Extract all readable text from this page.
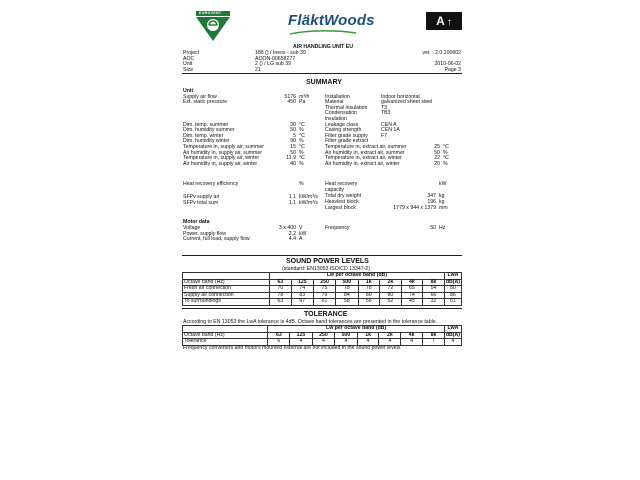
EUROVENT	FläktWoods	A ↑
AIR HANDLING UNIT EU
Project	188 () / Ineos - sub 39	ver. : 2.0.100602
AOC	AOON-00658277
Unit	2 () / LG sub 39	2010-06-02
Size	21	Page 3
SUMMARY
Unit
Supply air flow	5176 m³/h
Ext. static pressure	450 Pa
Dim. temp. summer	30 °C
Dim. humidity summer	50 %
Dim. temp. winter	5 °C
Dim. humidity winter	90 %
Temperature in, supply air, summer	15 °C
Air humidity in, supply air, summer	50 %
Temperature in, supply air, winter	11.9 °C
Air humidity in, supply air, winter	40 %
Installation	Indoor horizontal
Material	galvanized sheet steel
Thermal insulation	T3
Condensation	TB3
insulation
Leakage class	CEN A
Casing strength	CEN 1A
Filter grade supply	F7
Filter grade extract
Temperature in, extract air, summer	25 °C
Air humidity in, extract air, summer	50 %
Temperature in, extract air, winter	22 °C
Air humidity in, extract air, winter	20 %
Heat recovery efficiency	%
SFPv supply air	1.1 kW/m³/s
SFPv total sum	1.1 kW/m³/s
Heat recovery	kW
capacity
Total dry weight	347 kg
Heaviest block	196 kg
Largest block	1779 x 944 x 1379 mm
Motor data
Voltage	3 x 400 V
Power, supply flow	2.2 kW
Current, full load, supply flow	4.4 A
Frequency	50 Hz
SOUND POWER LEVELS
(standard: EN13053 ISO/CD 13347-2)
	Lw per octave band (dB)								LwA
Octave band (Hz)	63	125	250	500	1k	2k	4k	8k	dB(A)
Fresh air connection	70	74	75	78	78	72	65	54	80
Supply air connection	78	83	79	84	80	80	74	66	86
To surroundings	63	67	61	58	56	52	45	32	61
TOLERANCE
According to EN 13053 the LwA tolerance is 4dB. Octave band tolerances are presented in the tolerance table.
	Lw per octave band (dB)								LwA
Octave band (Hz)	63	125	250	500	1k	2k	4k	8k	dB(A)
Tolerance	6	4	4	4	4	4	4	7	4
Frequency converters and motors mounted external are not included in the sound power levels
